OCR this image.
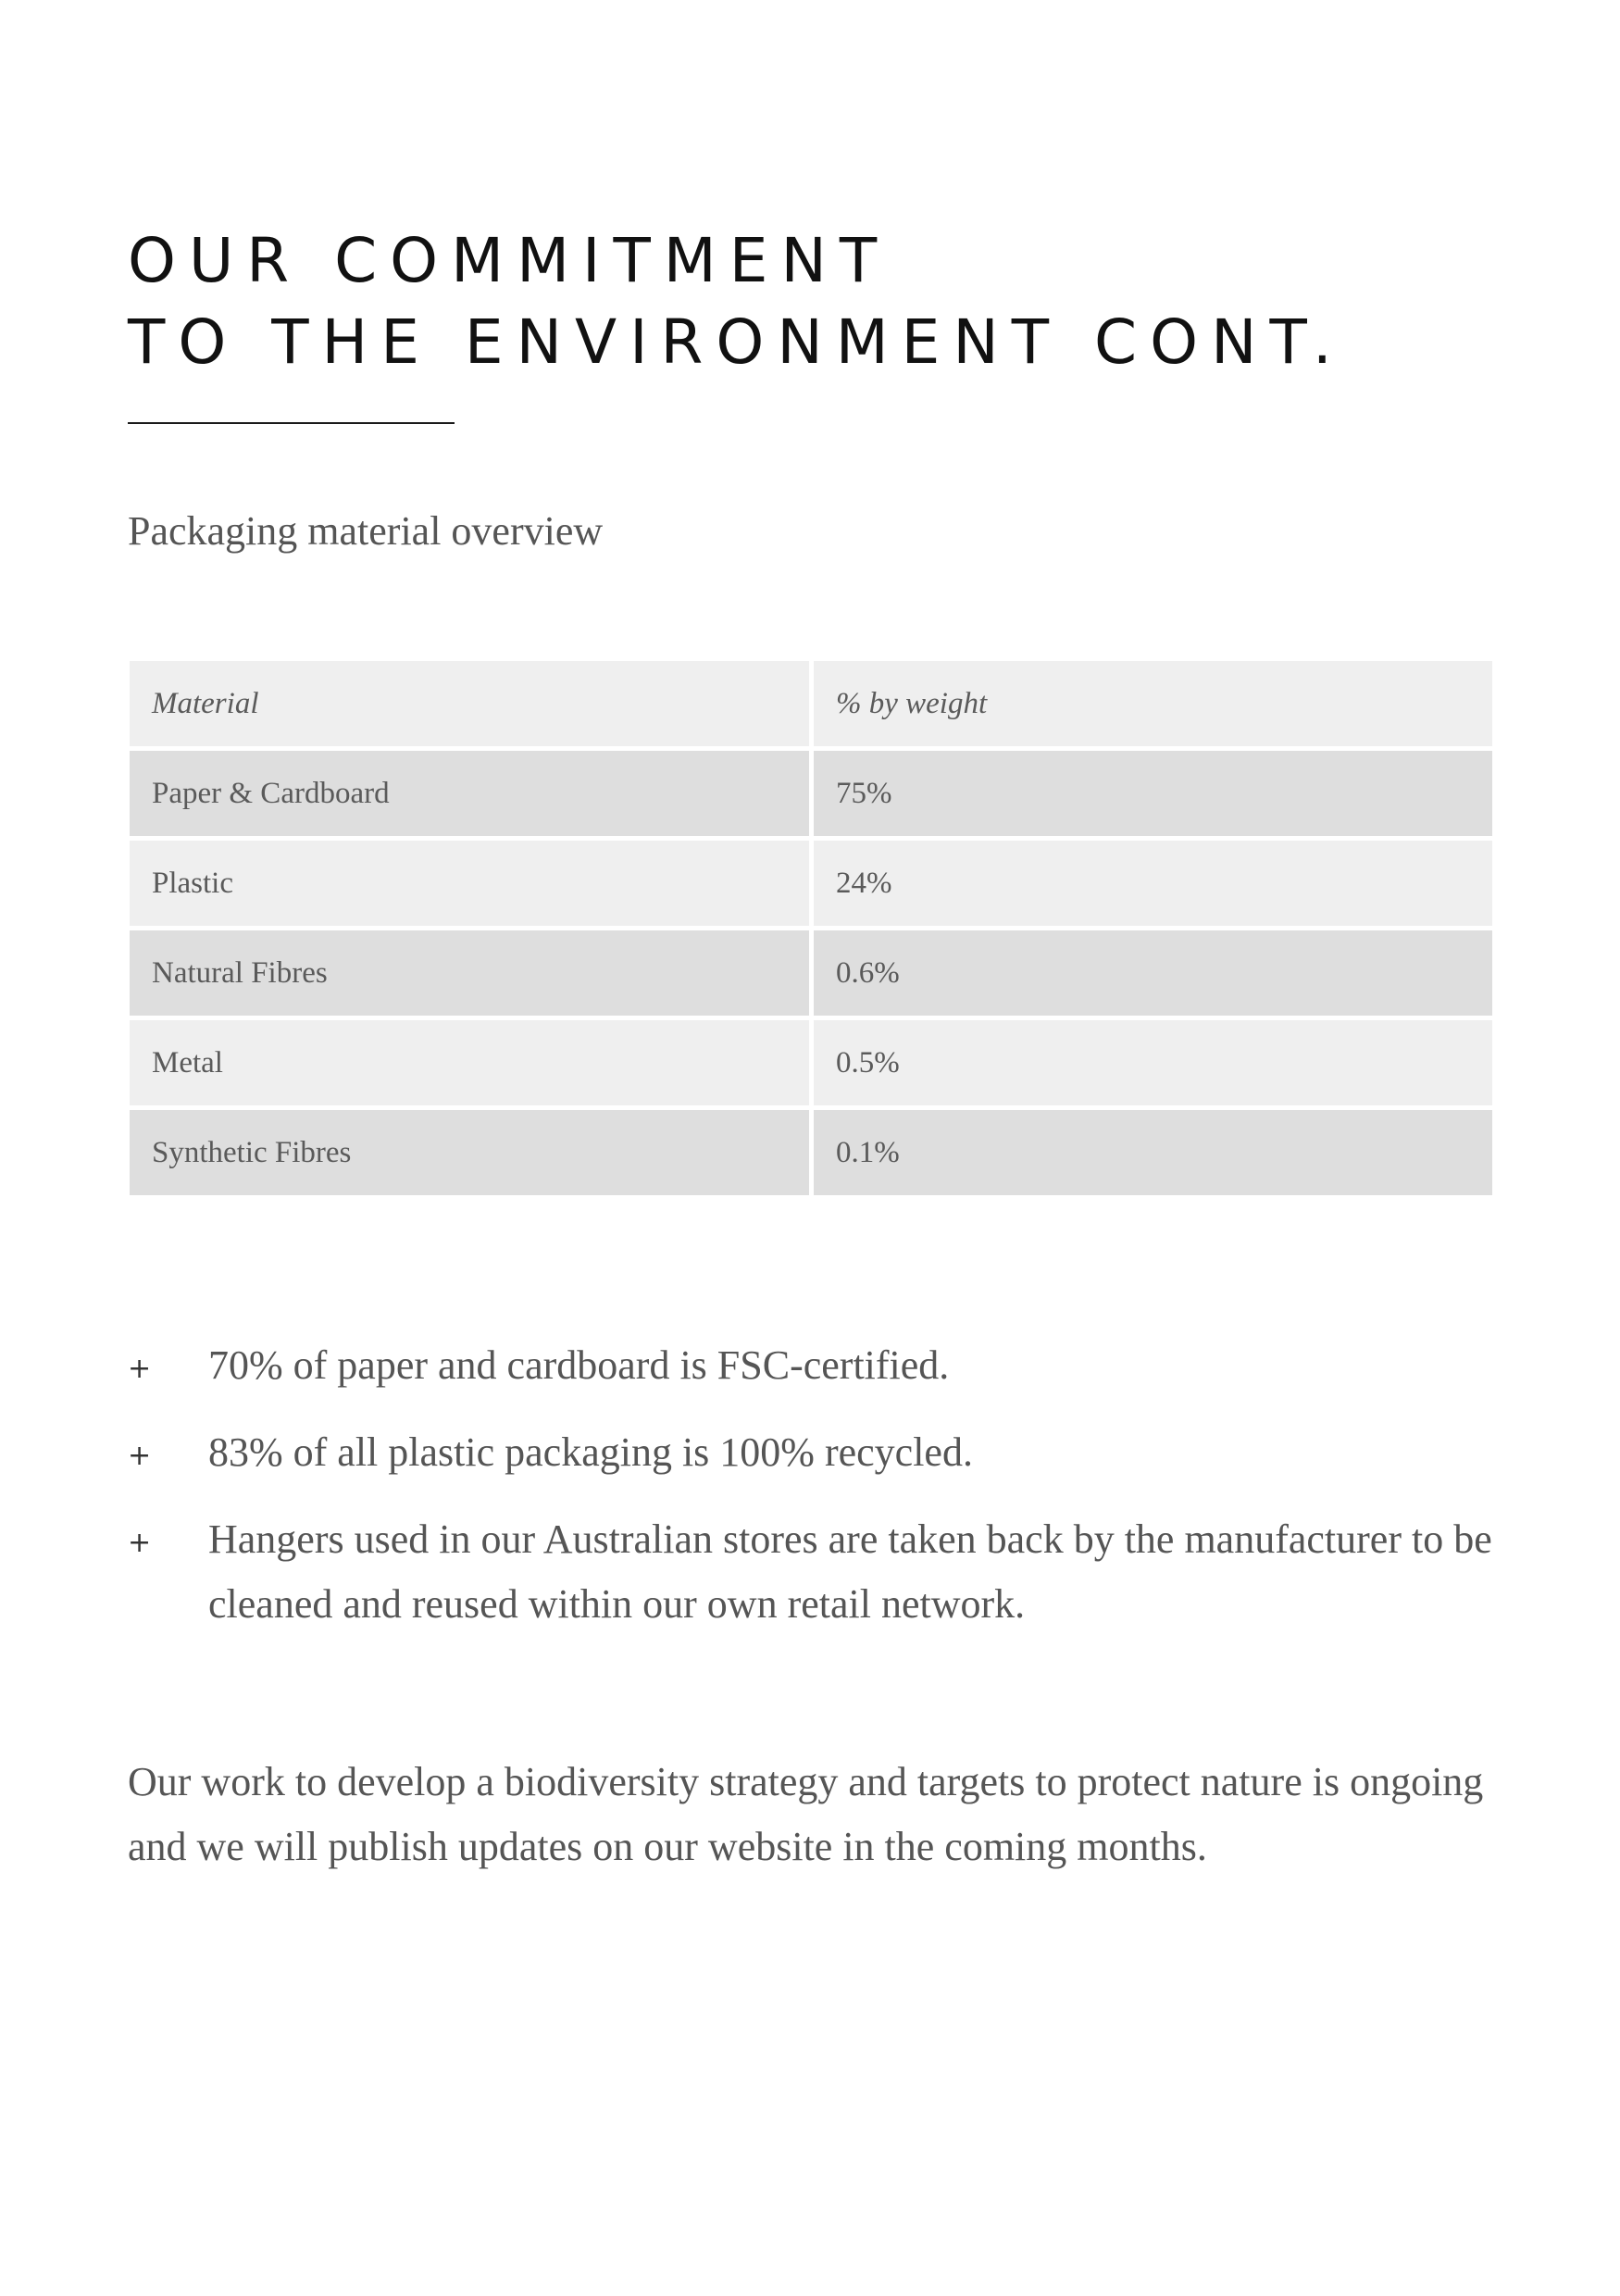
OUR COMMITMENT
TO THE ENVIRONMENT CONT.
Packaging material overview
Material	% by weight
Paper & Cardboard	75%
Plastic	24%
Natural Fibres	0.6%
Metal	0.5%
Synthetic Fibres	0.1%
+ 70% of paper and cardboard is FSC-certified.
+ 83% of all plastic packaging is 100% recycled.
+ Hangers used in our Australian stores are taken back by the manufacturer to be cleaned and reused within our own retail network.

Our work to develop a biodiversity strategy and targets to protect nature is ongoing and we will publish updates on our website in the coming months.
